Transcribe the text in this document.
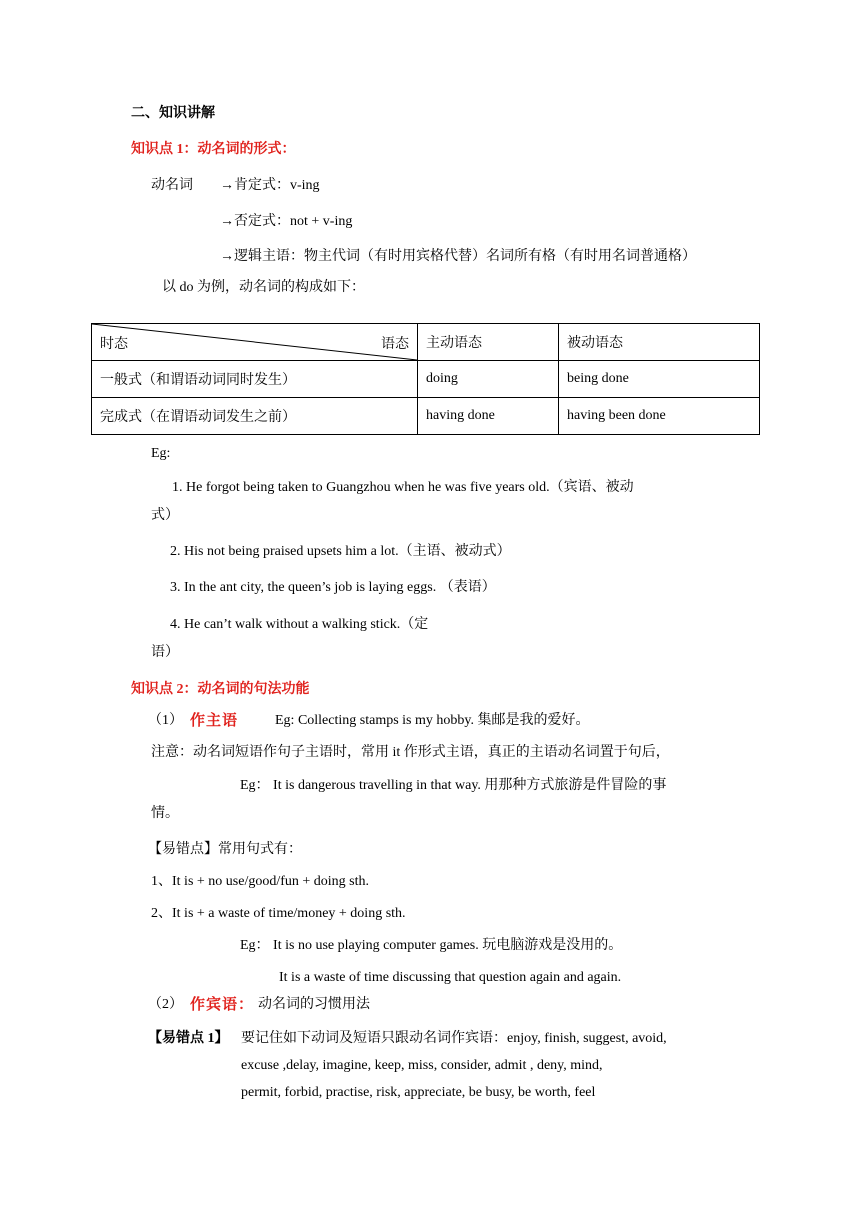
二、知识讲解
知识点 1：动名词的形式：
动名词 →肯定式：v-ing
→否定式：not + v-ing
→逻辑主语：物主代词（有时用宾格代替）名词所有格（有时用名词普通格）
以 do 为例，动名词的构成如下：
时态 语态	主动语态	被动语态
一般式（和谓语动词同时发生）	doing	being done
完成式（在谓语动词发生之前）	having done	having been done
Eg:
1. He forgot being taken to Guangzhou when he was five years old.（宾语、被动
式）
2. His not being praised upsets him a lot.（主语、被动式）
3. In the ant city, the queen’s job is laying eggs. （表语）
4. He can’t walk without a walking stick.（定
语）
知识点 2：动名词的句法功能
（1） 作主语	Eg: Collecting stamps is my hobby. 集邮是我的爱好。
注意：动名词短语作句子主语时，常用 it 作形式主语，真正的主语动名词置于句后，
Eg： It is dangerous travelling in that way. 用那种方式旅游是件冒险的事
情。
【易错点】常用句式有：
1、It is + no use/good/fun + doing sth.
2、It is + a waste of time/money + doing sth.
Eg： It is no use playing computer games. 玩电脑游戏是没用的。
It is a waste of time discussing that question again and again.
（2） 作宾语： 动名词的习惯用法
【易错点 1】 要记住如下动词及短语只跟动名词作宾语：enjoy, finish, suggest, avoid,
excuse ,delay, imagine, keep, miss, consider, admit , deny, mind,
permit, forbid, practise, risk, appreciate, be busy, be worth, feel
